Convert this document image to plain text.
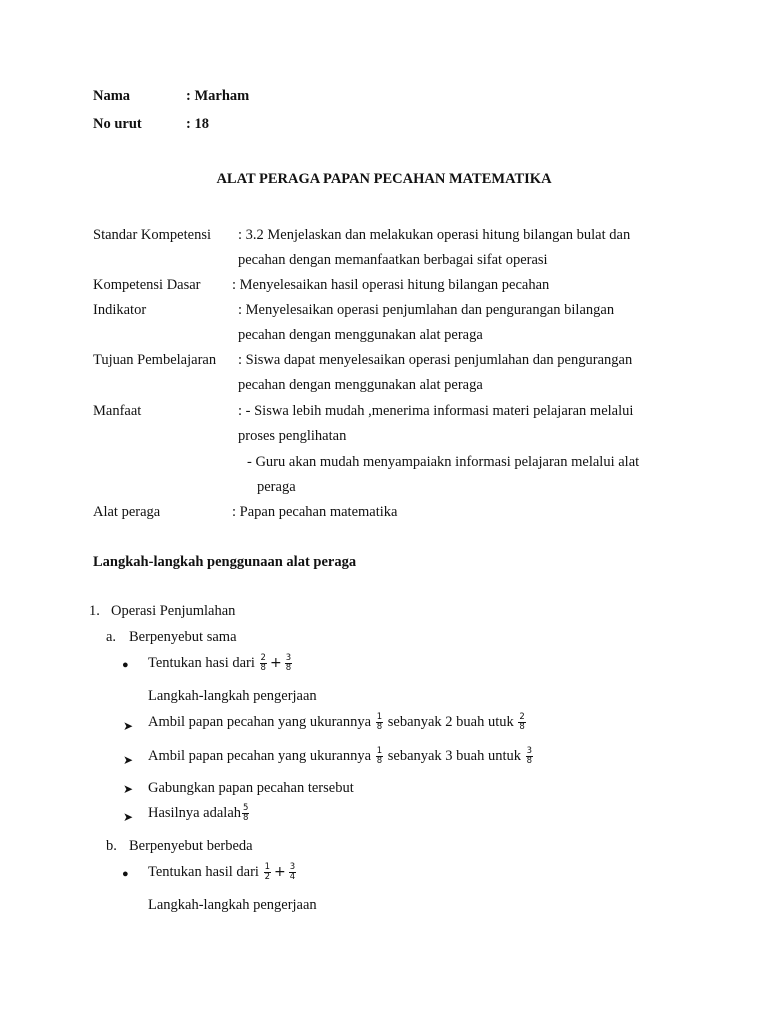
Nama	: Marham
No urut	: 18
ALAT PERAGA PAPAN PECAHAN MATEMATIKA
Standar Kompetensi : 3.2 Menjelaskan dan melakukan operasi hitung bilangan bulat dan
pecahan dengan memanfaatkan berbagai sifat operasi
Kompetensi Dasar : Menyelesaikan hasil operasi hitung bilangan pecahan
Indikator	: Menyelesaikan operasi penjumlahan dan pengurangan bilangan
pecahan dengan menggunakan alat peraga
Tujuan Pembelajaran : Siswa dapat menyelesaikan operasi penjumlahan dan pengurangan
pecahan dengan menggunakan alat peraga
Manfaat	: - Siswa lebih mudah ,menerima informasi materi pelajaran melalui
proses penglihatan
- Guru akan mudah menyampaiakn informasi pelajaran melalui alat
peraga
Alat peraga	: Papan pecahan matematika
Langkah-langkah penggunaan alat peraga
1. Operasi Penjumlahan
a. Berpenyebut sama
● Tentukan hasi dari $\frac{2}{8} + \frac{3}{8}$
Langkah-langkah pengerjaan
➤ Ambil papan pecahan yang ukurannya $\frac{1}{8}$ sebanyak 2 buah utuk $\frac{2}{8}$
➤ Ambil papan pecahan yang ukurannya $\frac{1}{8}$ sebanyak 3 buah untuk $\frac{3}{8}$
➤ Gabungkan papan pecahan tersebut
➤ Hasilnya adalah $\frac{5}{8}$
b. Berpenyebut berbeda
● Tentukan hasil dari $\frac{1}{2} + \frac{3}{4}$
Langkah-langkah pengerjaan
